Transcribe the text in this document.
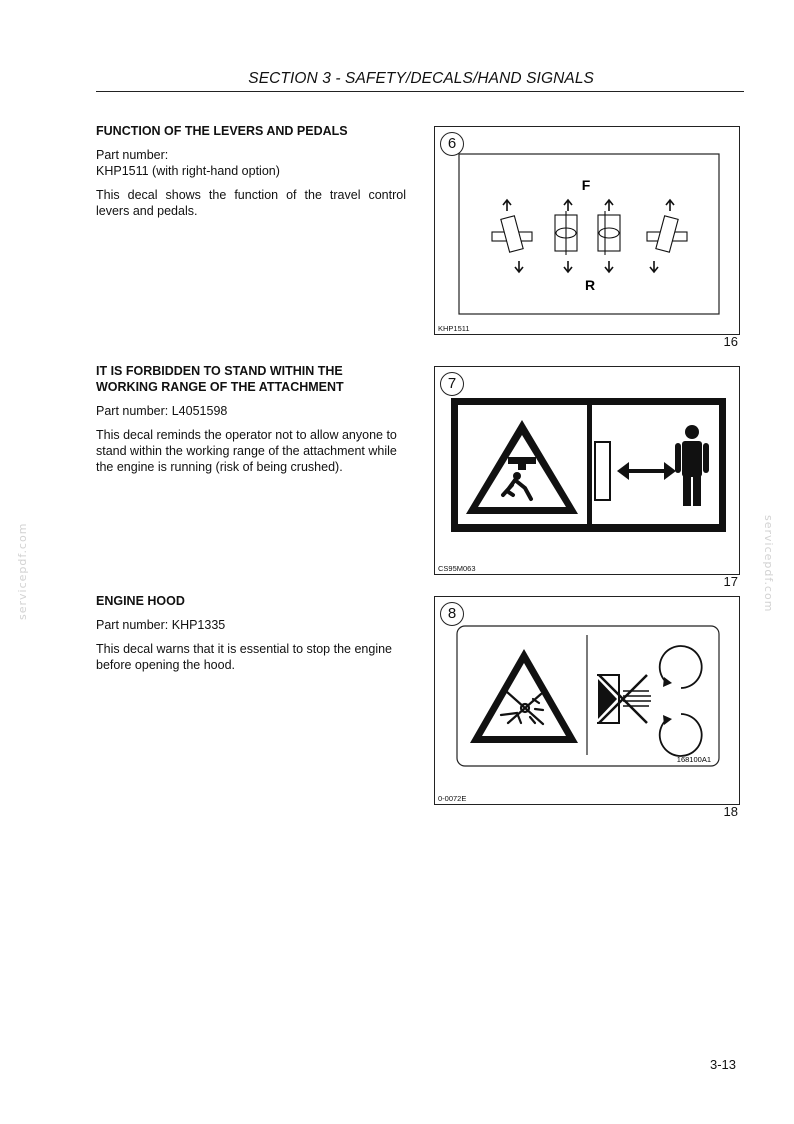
SECTION 3 - SAFETY/DECALS/HAND SIGNALS
FUNCTION OF THE LEVERS AND PEDALS

Part number:

KHP1511 (with right-hand option)

This decal shows the function of the travel control levers and pedals.

IT IS FORBIDDEN TO STAND WITHIN THE WORKING RANGE OF THE ATTACHMENT

Part number: L4051598

This decal reminds the operator not to allow anyone to stand within the working range of the attachment while the engine is running (risk of being crushed).

ENGINE HOOD

Part number: KHP1335

This decal warns that it is essential to stop the engine before opening the hood.

6
F
R
KHP1511
16
7
CS95M063
17
8
168100A1
0-0072E
18
servicepdf.com	servicepdf.com
3-13
